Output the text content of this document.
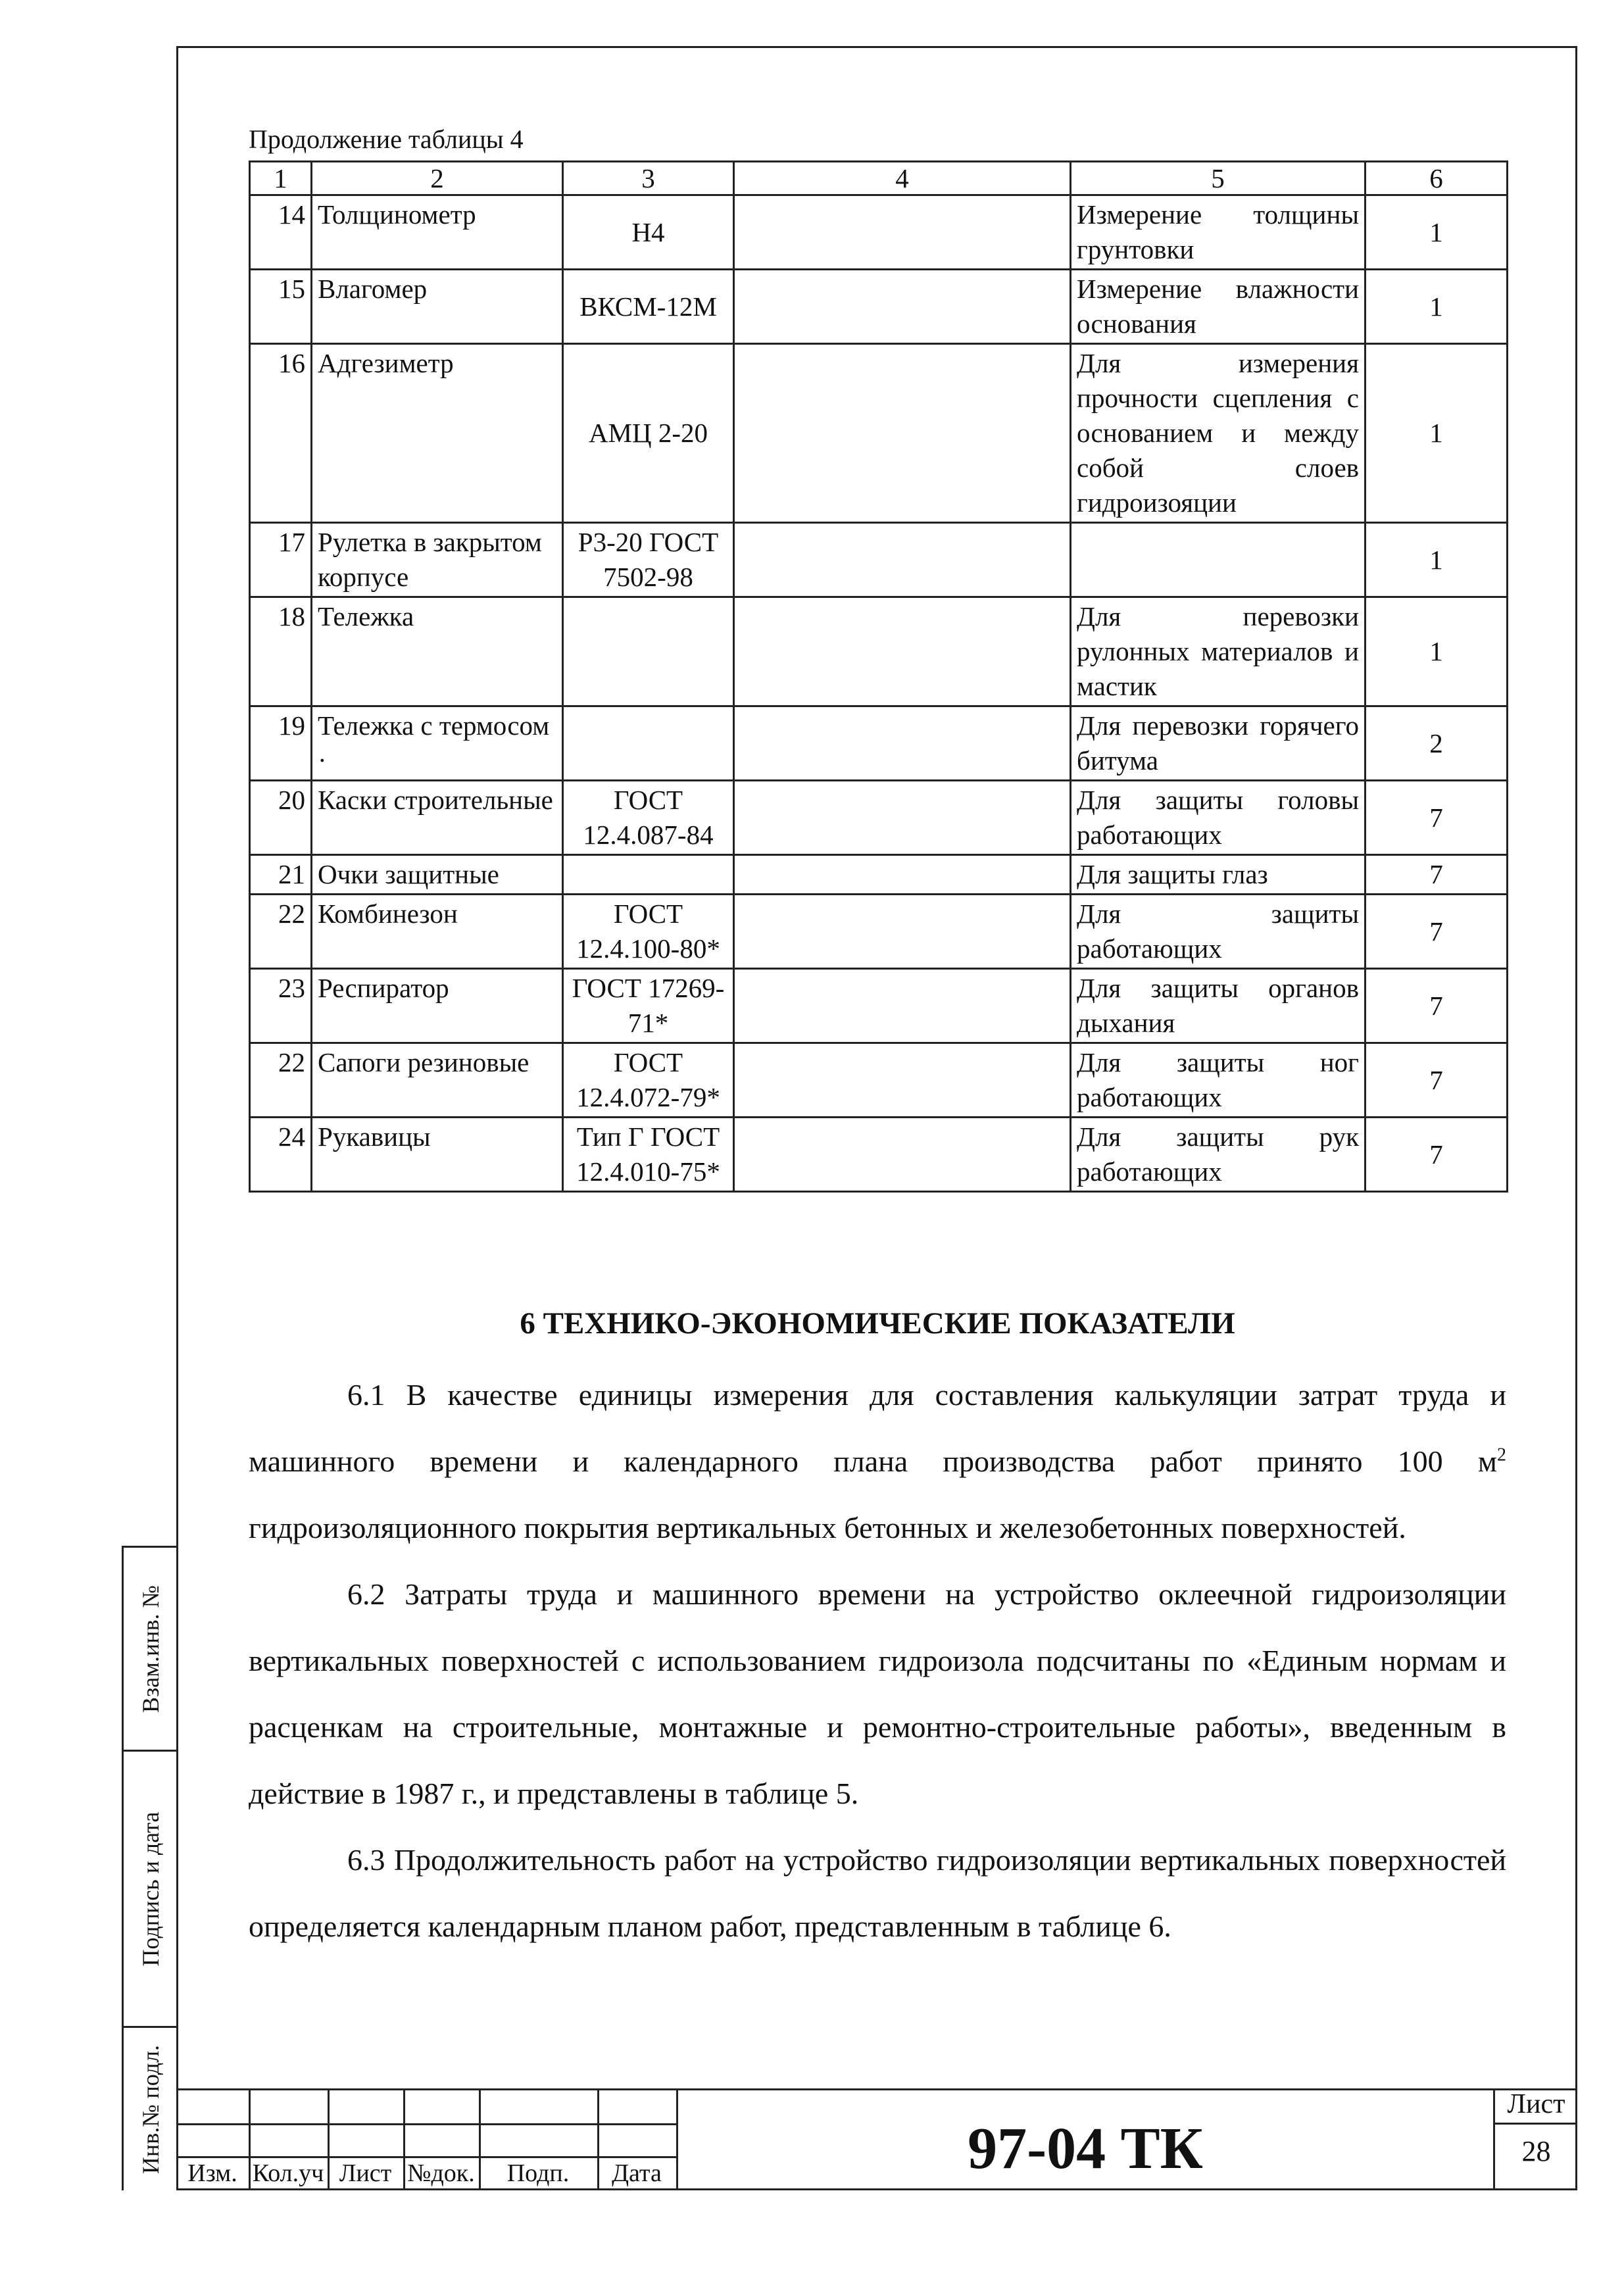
Взам.инв. №
Подпись и дата
Инв.№ подл.
Продолжение таблицы 4
1	2	3	4	5	6
14	Толщинометр	Н4		Измерение толщины грунтовки	1
15	Влагомер	ВКСМ-12М		Измерение влажности основания	1
16	Адгезиметр	АМЦ 2-20		Для измерения прочности сцепления с основанием и между собой слоев гидроизояции	1
17	Рулетка в закрытом корпусе	Р3-20 ГОСТ 7502-98			1
18	Тележка			Для перевозки рулонных материалов и мастик	1
19	Тележка с термосом ·			Для перевозки горячего битума	2
20	Каски строительные	ГОСТ 12.4.087-84		Для защиты головы работающих	7
21	Очки защитные			Для защиты глаз	7
22	Комбинезон	ГОСТ 12.4.100-80*		Для защиты работающих	7
23	Респиратор	ГОСТ 17269-71*		Для защиты органов дыхания	7
22	Сапоги резиновые	ГОСТ 12.4.072-79*		Для защиты ног работающих	7
24	Рукавицы	Тип Г ГОСТ 12.4.010-75*		Для защиты рук работающих	7
6 ТЕХНИКО-ЭКОНОМИЧЕСКИЕ ПОКАЗАТЕЛИ

6.1 В качестве единицы измерения для составления калькуляции затрат труда и машинного времени и календарного плана производства работ принято 100 $м^2$ гидроизоляционного покрытия вертикальных бетонных и железобетонных поверхностей.

6.2 Затраты труда и машинного времени на устройство оклеечной гидроизоляции вертикальных поверхностей с использованием гидроизола подсчитаны по «Единым нормам и расценкам на строительные, монтажные и ремонтно-строительные работы», введенным в действие в 1987 г., и представлены в таблице 5.

6.3 Продолжительность работ на устройство гидроизоляции вертикальных поверхностей определяется календарным планом работ, представленным в таблице 6.

Изм. Кол.уч Лист №док.	Подп.	Дата	97-04 ТК
Лист
28
